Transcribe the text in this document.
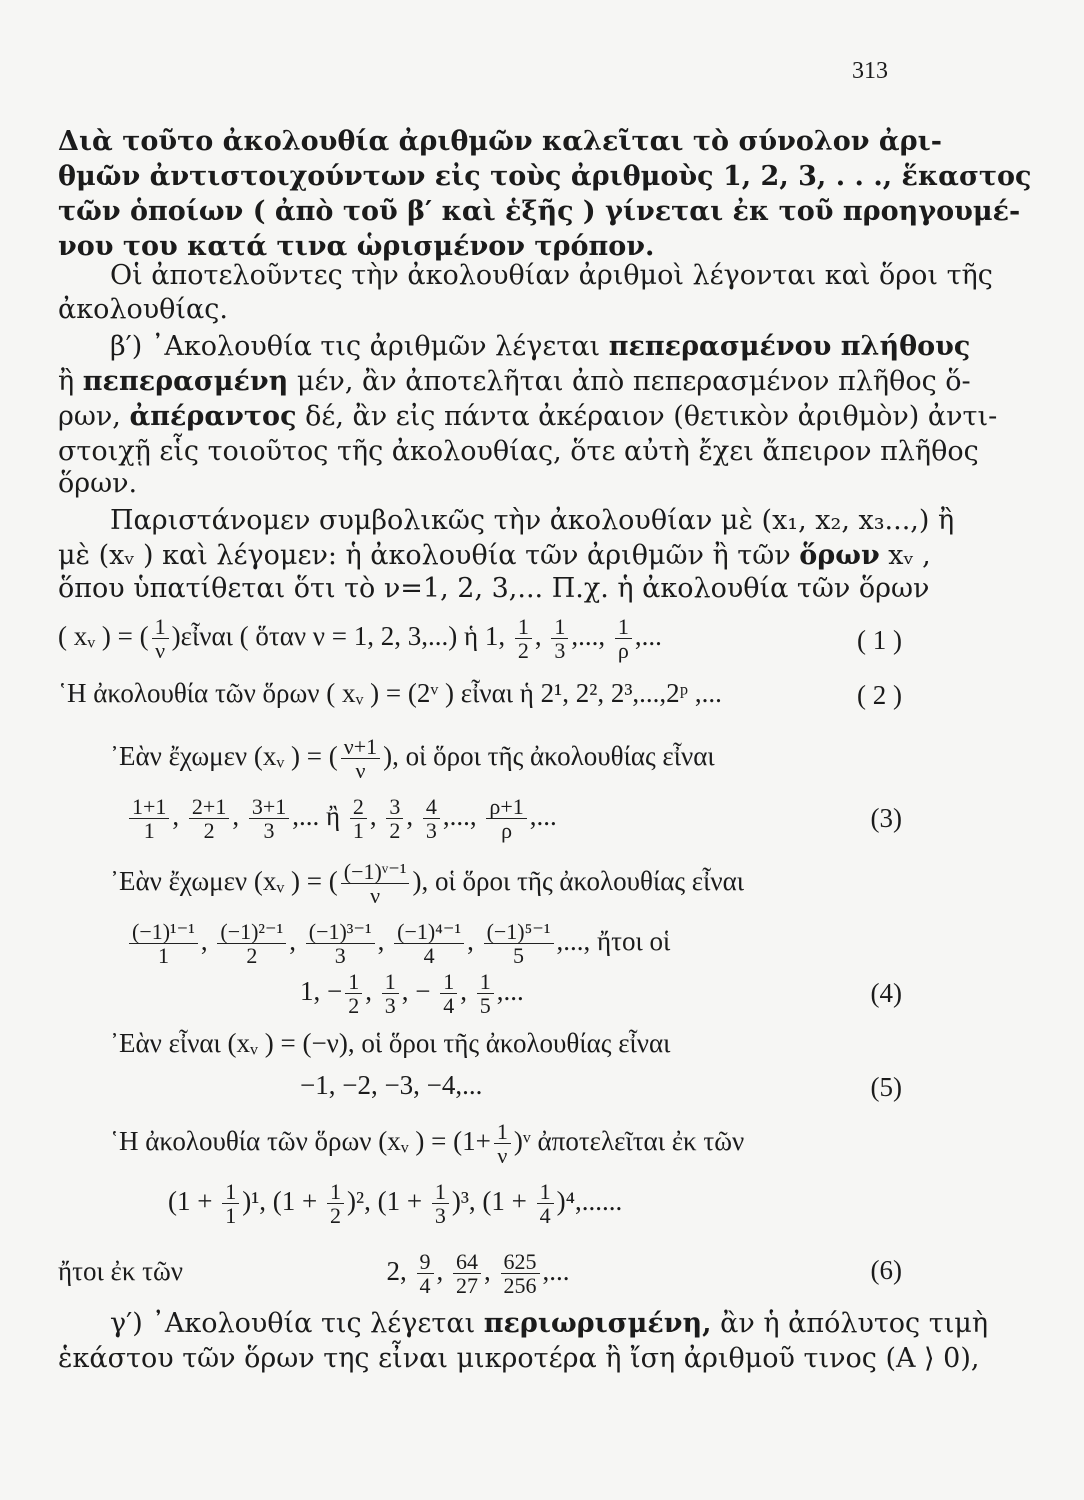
313
Διὰ τοῦτο ἀκολουθία ἀριθμῶν καλεῖται τὸ σύνολον ἀρι-
θμῶν ἀντιστοιχούντων εἰς τοὺς ἀριθμοὺς 1, 2, 3, . . ., ἕκαστος
τῶν ὁποίων ( ἀπὸ τοῦ β′ καὶ ἑξῆς ) γίνεται ἐκ τοῦ προηγουμέ-
νου του κατά τινα ὡρισμένον τρόπον.
Οἱ ἀποτελοῦντες τὴν ἀκολουθίαν ἀριθμοὶ λέγονται καὶ ὅροι τῆς
ἀκολουθίας.
β′) ᾿Ακολουθία τις ἀριθμῶν λέγεται πεπερασμένου πλήθους
ἢ πεπερασμένη μέν, ἂν ἀποτελῆται ἀπὸ πεπερασμένον πλῆθος ὅ-
ρων, ἀπέραντος δέ, ἂν εἰς πάντα ἀκέραιον (θετικὸν ἀριθμὸν) ἀντι-
στοιχῇ εἷς τοιοῦτος τῆς ἀκολουθίας, ὅτε αὐτὴ ἔχει ἄπειρον πλῆθος
ὅρων.
Παριστάνομεν συμβολικῶς τὴν ἀκολουθίαν μὲ (x₁, x₂, x₃...,) ἢ
μὲ (xᵥ ) καὶ λέγομεν: ἡ ἀκολουθία τῶν ἀριθμῶν ἢ τῶν ὅρων xᵥ ,
ὅπου ὑπατίθεται ὅτι τὸ ν=1, 2, 3,... Π.χ. ἡ ἀκολουθία τῶν ὅρων
( xᵥ ) = ( $\frac{1}{\nu}$ )εἶναι ( ὅταν ν = 1, 2, 3,...) ἡ 1, $\frac{1}{2}$ , $\frac{1}{3}$ ,..., $\frac{1}{\rho}$ ,...	( 1 )
῾Η ἀκολουθία τῶν ὅρων ( xᵥ ) = (2ᵛ ) εἶναι ἡ 2¹, 2², 2³,...,2ᵖ ,...	( 2 )
᾿Εὰν ἔχωμεν (xᵥ ) = ( $\frac{\nu+1}{\nu}$ ), οἱ ὅροι τῆς ἀκολουθίας εἶναι
$\frac{1+1}{1}$ , $\frac{2+1}{2}$ , $\frac{3+1}{3}$ ,... ἢ $\frac{2}{1}$ , $\frac{3}{2}$ , $\frac{4}{3}$ ,..., $\frac{\rho+1}{\rho}$ ,...	(3)
᾿Εὰν ἔχωμεν (xᵥ ) = ( $\frac{\text{(−1)ᵛ⁻¹}}{\nu}$ ), οἱ ὅροι τῆς ἀκολουθίας εἶναι
$\frac{\text{(−1)¹⁻¹}}{1}$ , $\frac{\text{(−1)²⁻¹}}{2}$ , $\frac{\text{(−1)³⁻¹}}{3}$ , $\frac{\text{(−1)⁴⁻¹}}{4}$ , $\frac{\text{(−1)⁵⁻¹}}{5}$ ,..., ἤτοι οἱ
1, − $\frac{1}{2}$ , $\frac{1}{3}$ , − $\frac{1}{4}$ , $\frac{1}{5}$ ,...	(4)
᾿Εὰν εἶναι (xᵥ ) = (−ν), οἱ ὅροι τῆς ἀκολουθίας εἶναι
−1, −2, −3, −4,...	(5)
῾Η ἀκολουθία τῶν ὅρων (xᵥ ) = ($1+ \frac{1}{\nu}$ )ᵛ ἀποτελεῖται ἐκ τῶν
$(1 + \frac{1}{1} )^1$, $(1 + \frac{1}{2} )^2$, $(1 + \frac{1}{3} )^3$, $(1 + \frac{1}{4} )^4$,......
ἤτοι ἐκ τῶν	2, $\frac{9}{4}$ , $\frac{64}{27}$ , $\frac{625}{256}$ ,...	(6)
γ′) ᾿Ακολουθία τις λέγεται περιωρισμένη, ἂν ἡ ἀπόλυτος τιμὴ
ἑκάστου τῶν ὅρων της εἶναι μικροτέρα ἢ ἴση ἀριθμοῦ τινος (Α ⟩ 0),
